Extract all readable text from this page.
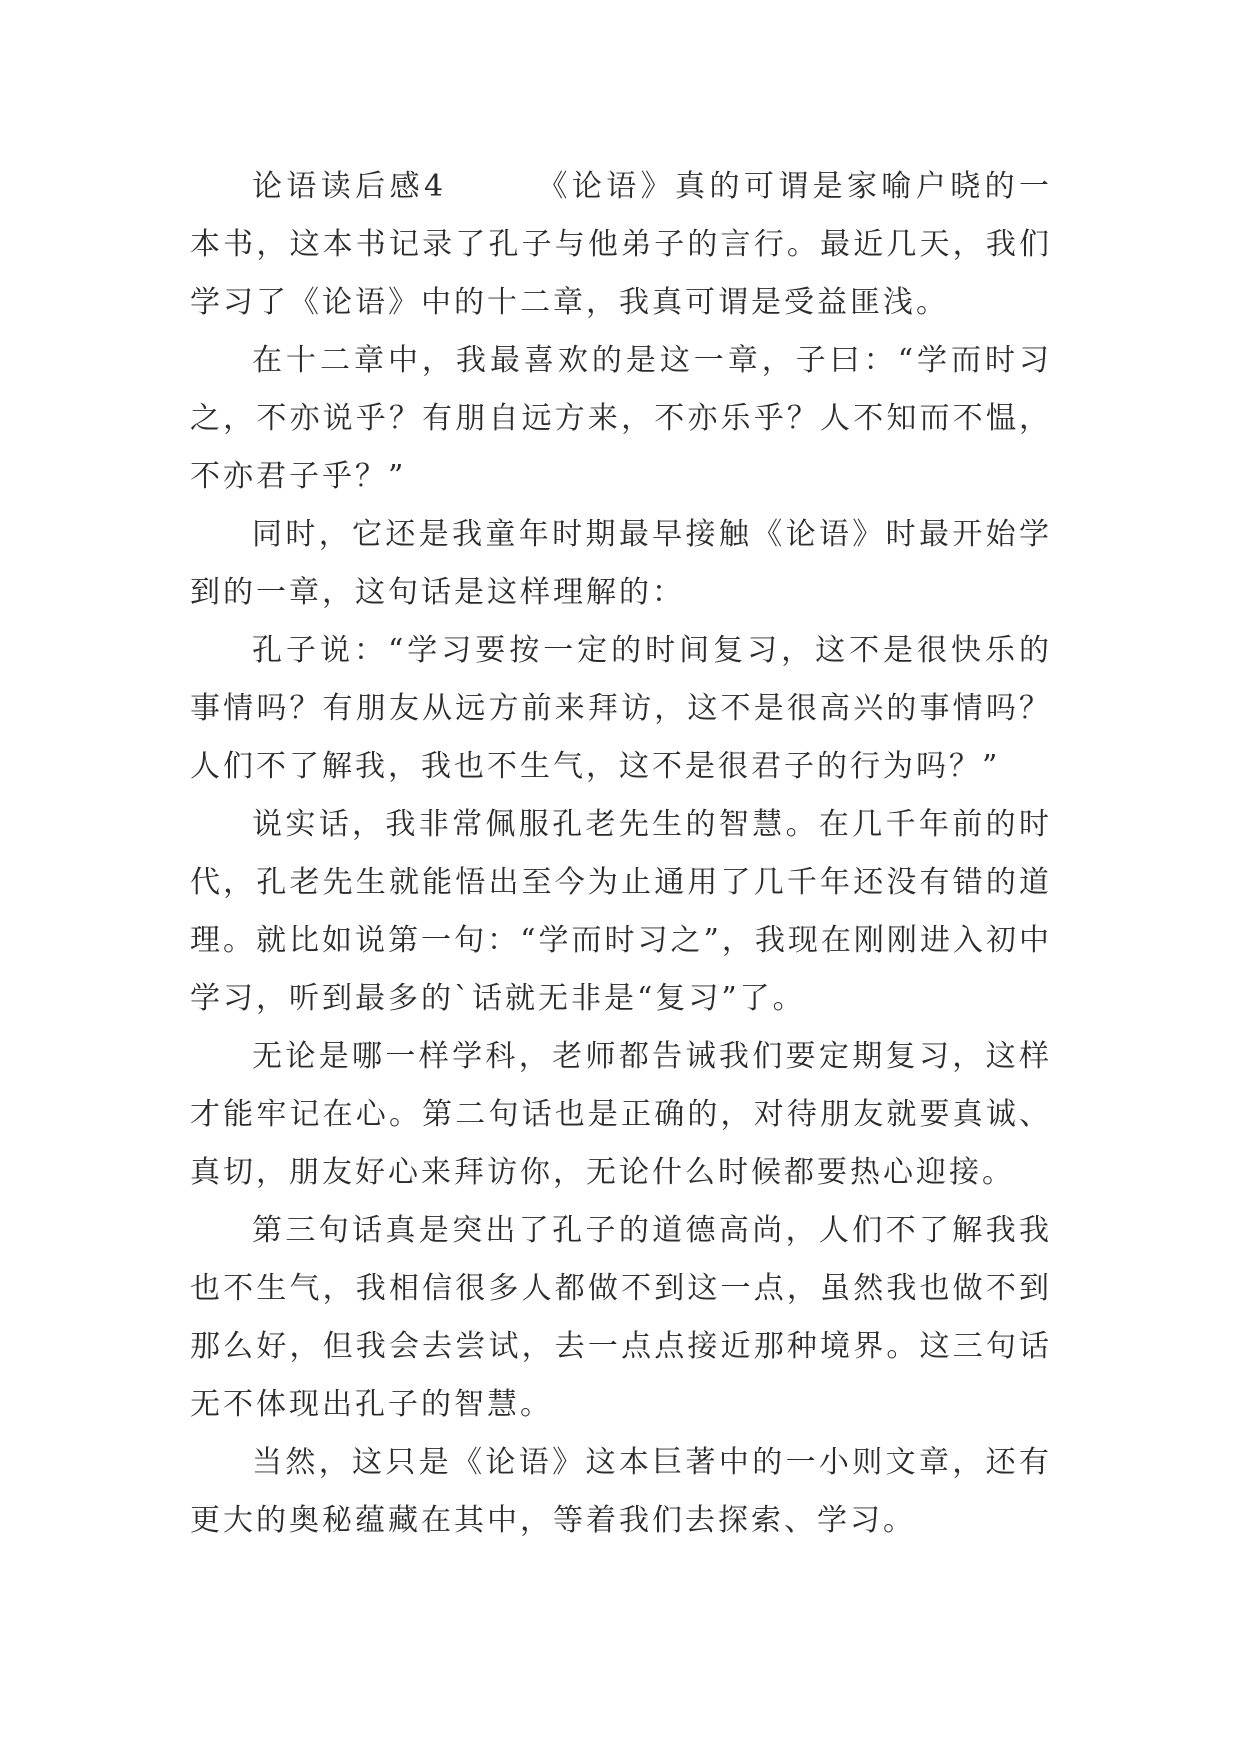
论语读后感4	《论语》真的可谓是家喻户晓的一本书，这本书记录了孔子与他弟子的言行。最近几天，我们学习了《论语》中的十二章，我真可谓是受益匪浅。

在十二章中，我最喜欢的是这一章，子曰：“学而时习之，不亦说乎？有朋自远方来，不亦乐乎？人不知而不愠，不亦君子乎？”

同时，它还是我童年时期最早接触《论语》时最开始学到的一章，这句话是这样理解的：

孔子说：“学习要按一定的时间复习，这不是很快乐的事情吗？有朋友从远方前来拜访，这不是很高兴的事情吗？人们不了解我，我也不生气，这不是很君子的行为吗？”

说实话，我非常佩服孔老先生的智慧。在几千年前的时代，孔老先生就能悟出至今为止通用了几千年还没有错的道理。就比如说第一句：“学而时习之”，我现在刚刚进入初中学习，听到最多的`话就无非是“复习”了。

无论是哪一样学科，老师都告诫我们要定期复习，这样才能牢记在心。第二句话也是正确的，对待朋友就要真诚、真切，朋友好心来拜访你，无论什么时候都要热心迎接。

第三句话真是突出了孔子的道德高尚，人们不了解我我也不生气，我相信很多人都做不到这一点，虽然我也做不到那么好，但我会去尝试，去一点点接近那种境界。这三句话无不体现出孔子的智慧。

当然，这只是《论语》这本巨著中的一小则文章，还有更大的奥秘蕴藏在其中，等着我们去探索、学习。
